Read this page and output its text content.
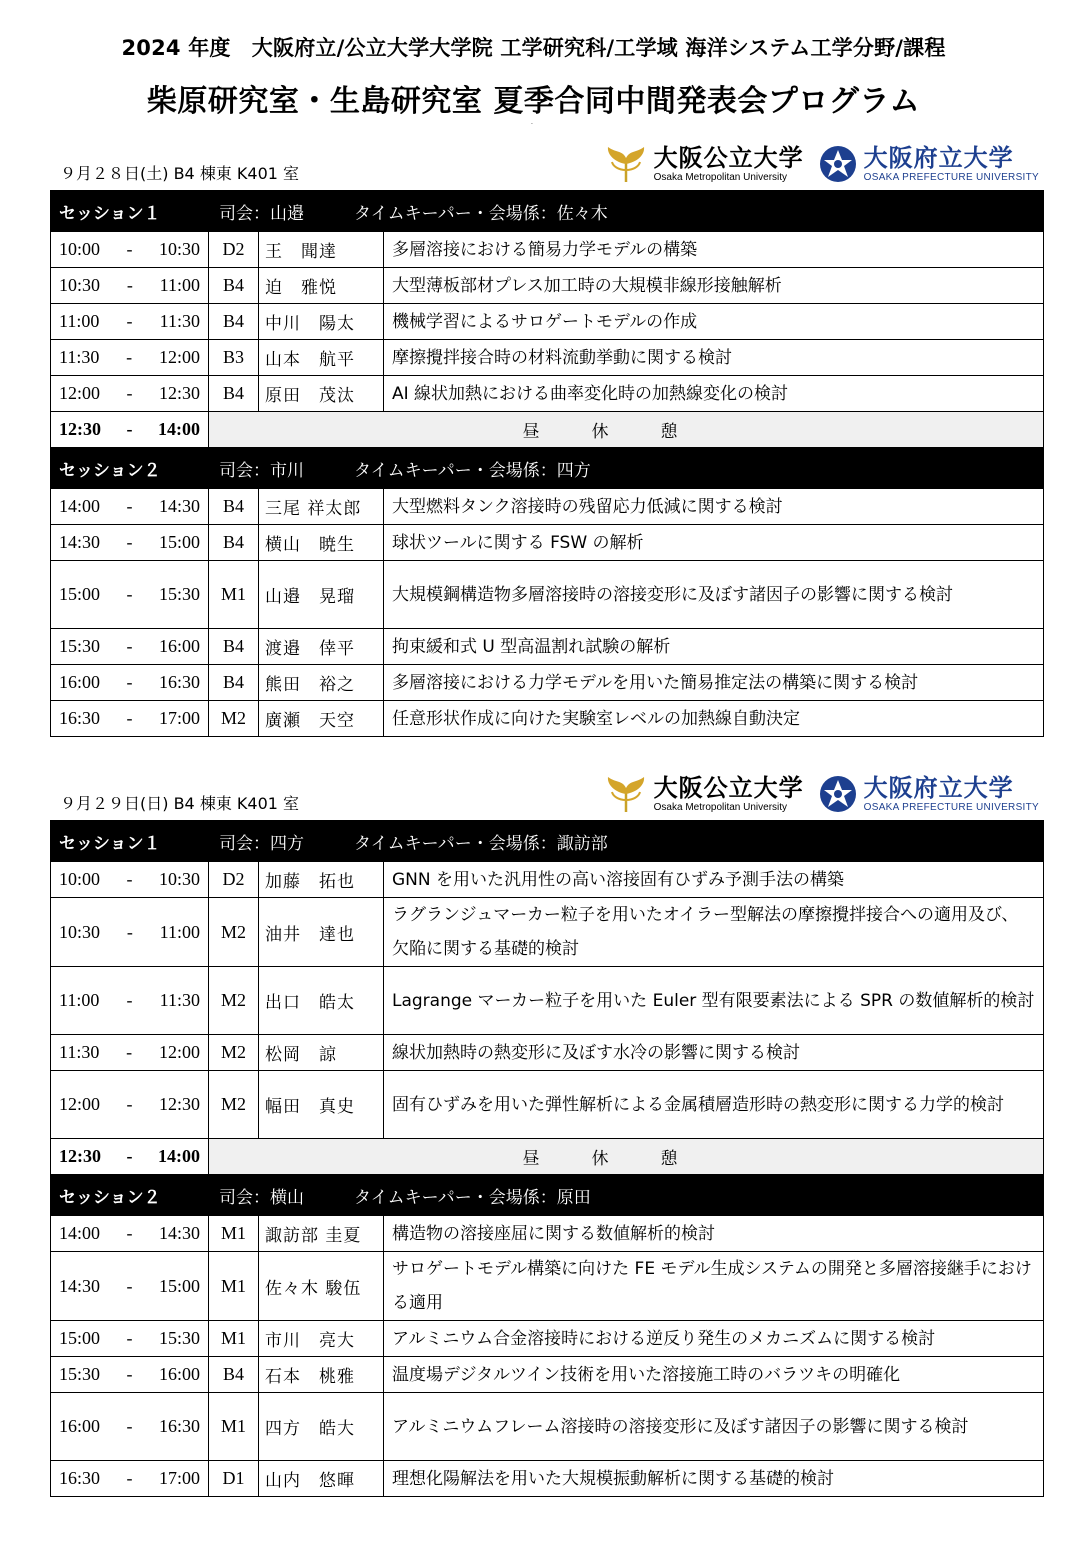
2024 年度　大阪府立/公立大学大学院 工学研究科/工学域 海洋システム工学分野/課程
.
柴原研究室・生島研究室 夏季合同中間発表会プログラム
９月２８日(土) B4 棟東 K401 室
大阪公立大学
Osaka Metropolitan University
大阪府立大学
OSAKA PREFECTURE UNIVERSITY
セッション１ 司会：山邉 タイムキーパー・会場係：佐々木			

10:00 - 10:30	D2	王　聞達	多層溶接における簡易力学モデルの構築

10:30 - 11:00	B4	迫　雅悦	大型薄板部材プレス加工時の大規模非線形接触解析

11:00 - 11:30	B4	中川　陽太	機械学習によるサロゲートモデルの作成

11:30 - 12:00	B3	山本　航平	摩擦攪拌接合時の材料流動挙動に関する検討

12:00 - 12:30	B4	原田　茂汰	AI 線状加熱における曲率変化時の加熱線変化の検討

12:30 - 14:00	昼休憩		

セッション２ 司会：市川 タイムキーパー・会場係：四方			

14:00 - 14:30	B4	三尾 祥太郎	大型燃料タンク溶接時の残留応力低減に関する検討

14:30 - 15:00	B4	横山　暁生	球状ツールに関する FSW の解析

15:00 - 15:30	M1	山邉　晃瑠	大規模鋼構造物多層溶接時の溶接変形に及ぼす諸因子の影響に関する検討

15:30 - 16:00	B4	渡邉　倖平	拘束緩和式 U 型高温割れ試験の解析

16:00 - 16:30	B4	熊田　裕之	多層溶接における力学モデルを用いた簡易推定法の構築に関する検討

16:30 - 17:00	M2	廣瀬　天空	任意形状作成に向けた実験室レベルの加熱線自動決定
９月２９日(日) B4 棟東 K401 室
大阪公立大学
Osaka Metropolitan University
大阪府立大学
OSAKA PREFECTURE UNIVERSITY
セッション１ 司会：四方 タイムキーパー・会場係：諏訪部			

10:00 - 10:30	D2	加藤　拓也	GNN を用いた汎用性の高い溶接固有ひずみ予測手法の構築

10:30 - 11:00	M2	油井　達也	ラグランジュマーカー粒子を用いたオイラー型解法の摩擦攪拌接合への適用及び、欠陥に関する基礎的検討

11:00 - 11:30	M2	出口　皓太	Lagrange マーカー粒子を用いた Euler 型有限要素法による SPR の数値解析的検討

11:30 - 12:00	M2	松岡　諒	線状加熱時の熱変形に及ぼす水冷の影響に関する検討

12:00 - 12:30	M2	幅田　真史	固有ひずみを用いた弾性解析による金属積層造形時の熱変形に関する力学的検討

12:30 - 14:00	昼休憩		

セッション２ 司会：横山 タイムキーパー・会場係：原田			

14:00 - 14:30	M1	諏訪部 圭夏	構造物の溶接座屈に関する数値解析的検討

14:30 - 15:00	M1	佐々木 駿伍	サロゲートモデル構築に向けた FE モデル生成システムの開発と多層溶接継手における適用

15:00 - 15:30	M1	市川　亮大	アルミニウム合金溶接時における逆反り発生のメカニズムに関する検討

15:30 - 16:00	B4	石本　桃雅	温度場デジタルツイン技術を用いた溶接施工時のバラツキの明確化

16:00 - 16:30	M1	四方　皓大	アルミニウムフレーム溶接時の溶接変形に及ぼす諸因子の影響に関する検討

16:30 - 17:00	D1	山内　悠暉	理想化陽解法を用いた大規模振動解析に関する基礎的検討
